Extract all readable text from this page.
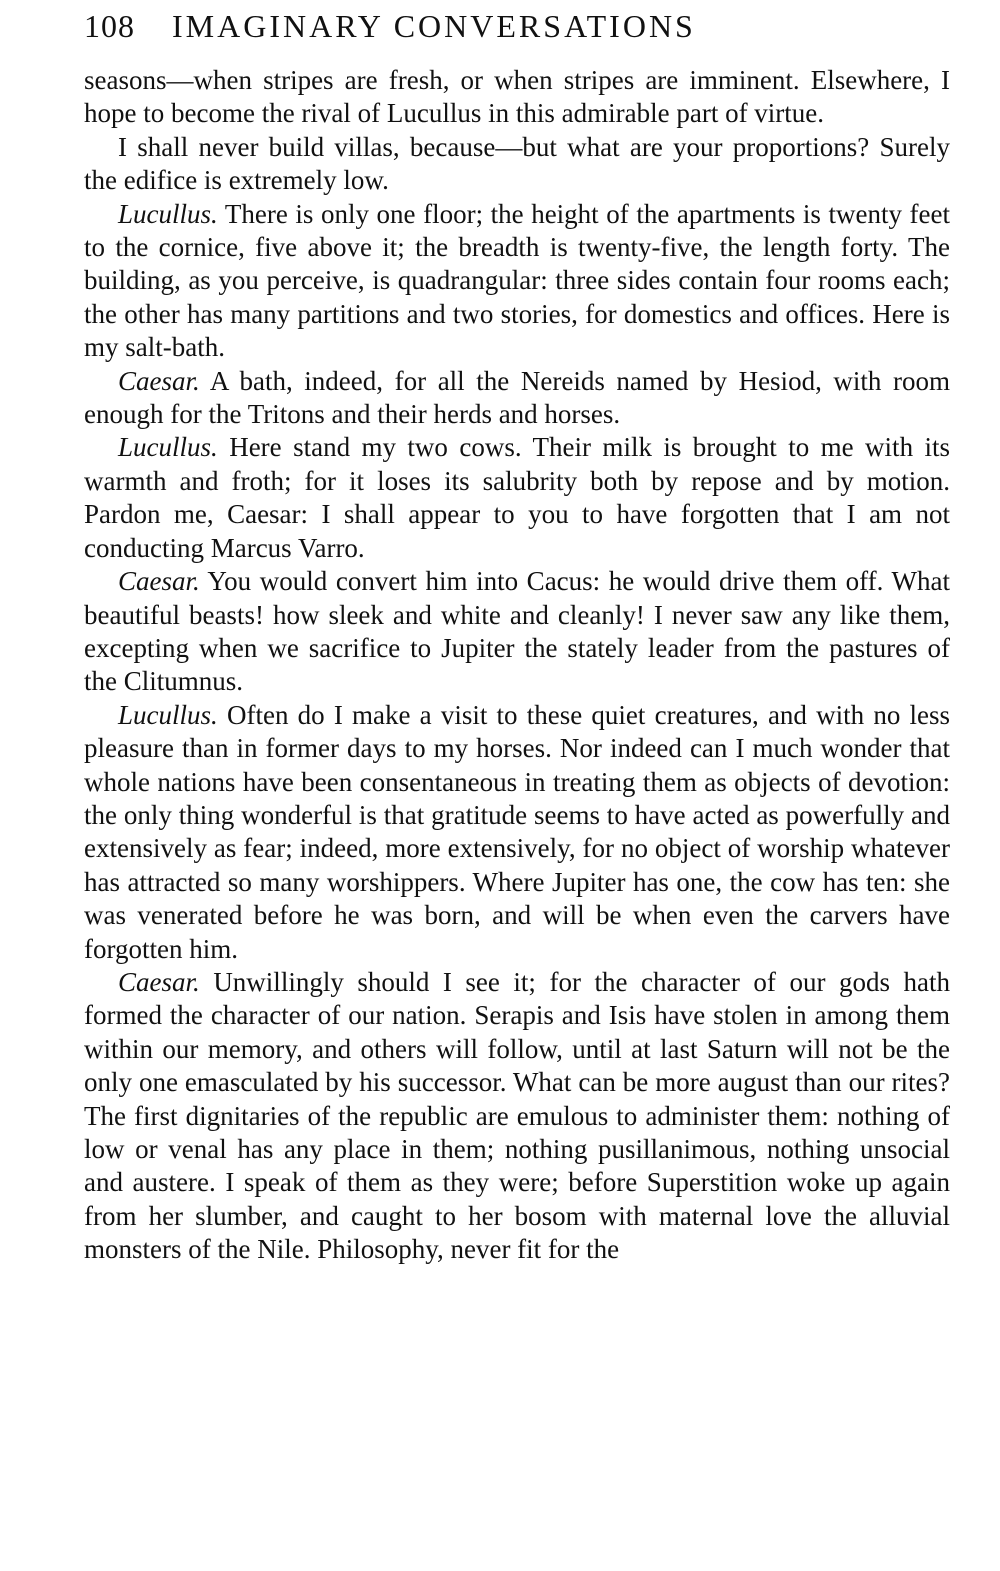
108 IMAGINARY CONVERSATIONS

seasons—when stripes are fresh, or when stripes are imminent. Elsewhere, I hope to become the rival of Lucullus in this admirable part of virtue.

I shall never build villas, because—but what are your proportions? Surely the edifice is extremely low.

Lucullus. There is only one floor; the height of the apartments is twenty feet to the cornice, five above it; the breadth is twenty-five, the length forty. The building, as you perceive, is quadrangular: three sides contain four rooms each; the other has many partitions and two stories, for domestics and offices. Here is my salt-bath.

Caesar. A bath, indeed, for all the Nereids named by Hesiod, with room enough for the Tritons and their herds and horses.

Lucullus. Here stand my two cows. Their milk is brought to me with its warmth and froth; for it loses its salubrity both by repose and by motion. Pardon me, Caesar: I shall appear to you to have forgotten that I am not conducting Marcus Varro.

Caesar. You would convert him into Cacus: he would drive them off. What beautiful beasts! how sleek and white and cleanly! I never saw any like them, excepting when we sacrifice to Jupiter the stately leader from the pastures of the Clitumnus.

Lucullus. Often do I make a visit to these quiet creatures, and with no less pleasure than in former days to my horses. Nor indeed can I much wonder that whole nations have been consentaneous in treating them as objects of devotion: the only thing wonderful is that gratitude seems to have acted as powerfully and extensively as fear; indeed, more extensively, for no object of worship whatever has attracted so many worshippers. Where Jupiter has one, the cow has ten: she was venerated before he was born, and will be when even the carvers have forgotten him.

Caesar. Unwillingly should I see it; for the character of our gods hath formed the character of our nation. Serapis and Isis have stolen in among them within our memory, and others will follow, until at last Saturn will not be the only one emasculated by his successor. What can be more august than our rites? The first dignitaries of the republic are emulous to administer them: nothing of low or venal has any place in them; nothing pusillanimous, nothing unsocial and austere. I speak of them as they were; before Superstition woke up again from her slumber, and caught to her bosom with maternal love the alluvial monsters of the Nile. Philosophy, never fit for the
